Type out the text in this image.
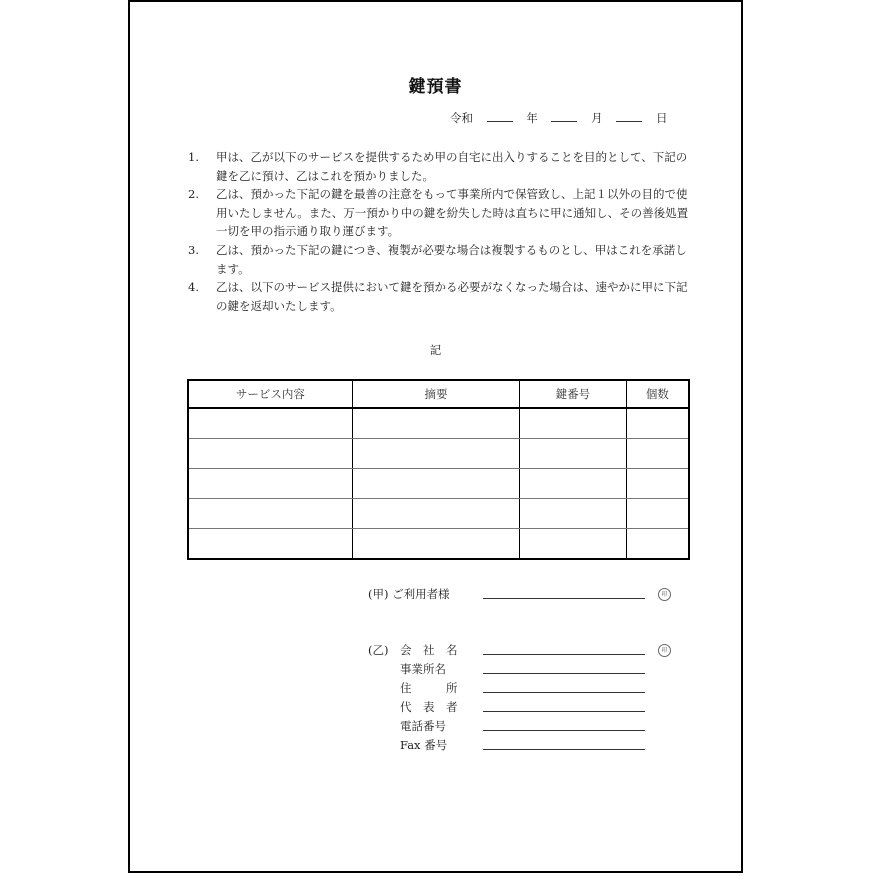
鍵預書
令和	年	月	日
1.	甲は、乙が以下のサービスを提供するため甲の自宅に出入りすることを目的として、下記の鍵を乙に預け、乙はこれを預かりました。
2.	乙は、預かった下記の鍵を最善の注意をもって事業所内で保管致し、上記１以外の目的で使用いたしません。また、万一預かり中の鍵を紛失した時は直ちに甲に通知し、その善後処置一切を甲の指示通り取り運びます。
3.	乙は、預かった下記の鍵につき、複製が必要な場合は複製するものとし、甲はこれを承諾します。
4.	乙は、以下のサービス提供において鍵を預かる必要がなくなった場合は、速やかに甲に下記の鍵を返却いたします。
記
サービス内容	摘要	鍵番号	個数

(甲) ご利用者様	印
(乙)	印
会　社　名
事業所名
住　　　所
代　表　者
電話番号
Fax 番号
